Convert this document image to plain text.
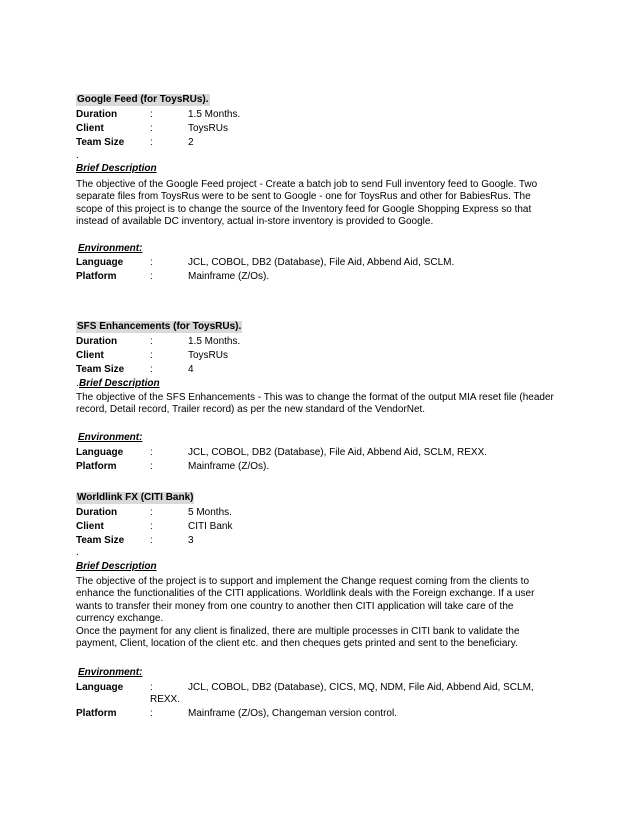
Google Feed (for ToysRUs).
Duration	:	1.5 Months.
Client	:	ToysRUs
Team Size	:	2
.
Brief Description
The objective of the Google Feed project - Create a batch job to send Full inventory feed to Google. Two separate files from ToysRus were to be sent to Google - one for ToysRus and other for BabiesRus. The scope of this project is to change the source of the Inventory feed for Google Shopping Express so that instead of available DC inventory, actual in-store inventory is provided to Google.
Environment:
Language	:	JCL, COBOL, DB2 (Database), File Aid, Abbend Aid, SCLM.
Platform	:	Mainframe (Z/Os).
SFS Enhancements (for ToysRUs).
Duration	:	1.5 Months.
Client	:	ToysRUs
Team Size	:	4
. Brief Description
The objective of the SFS Enhancements - This was to change the format of the output MIA reset file (header record, Detail record, Trailer record) as per the new standard of the VendorNet.
Environment:
Language	:	JCL, COBOL, DB2 (Database), File Aid, Abbend Aid, SCLM, REXX.
Platform	:	Mainframe (Z/Os).
Worldlink FX (CITI Bank)
Duration	:	5 Months.
Client	:	CITI Bank
Team Size	:	3
.
Brief Description
The objective of the project is to support and implement the Change request coming from the clients to enhance the functionalities of the CITI applications. Worldlink deals with the Foreign exchange. If a user wants to transfer their money from one country to another then CITI application will take care of the currency exchange.
Once the payment for any client is finalized, there are multiple processes in CITI bank to validate the payment, Client, location of the client etc. and then cheques gets printed and sent to the beneficiary.
Environment:
Language	:	JCL, COBOL, DB2 (Database), CICS, MQ, NDM, File Aid, Abbend Aid, SCLM,
REXX.
Platform	:	Mainframe (Z/Os), Changeman version control.
